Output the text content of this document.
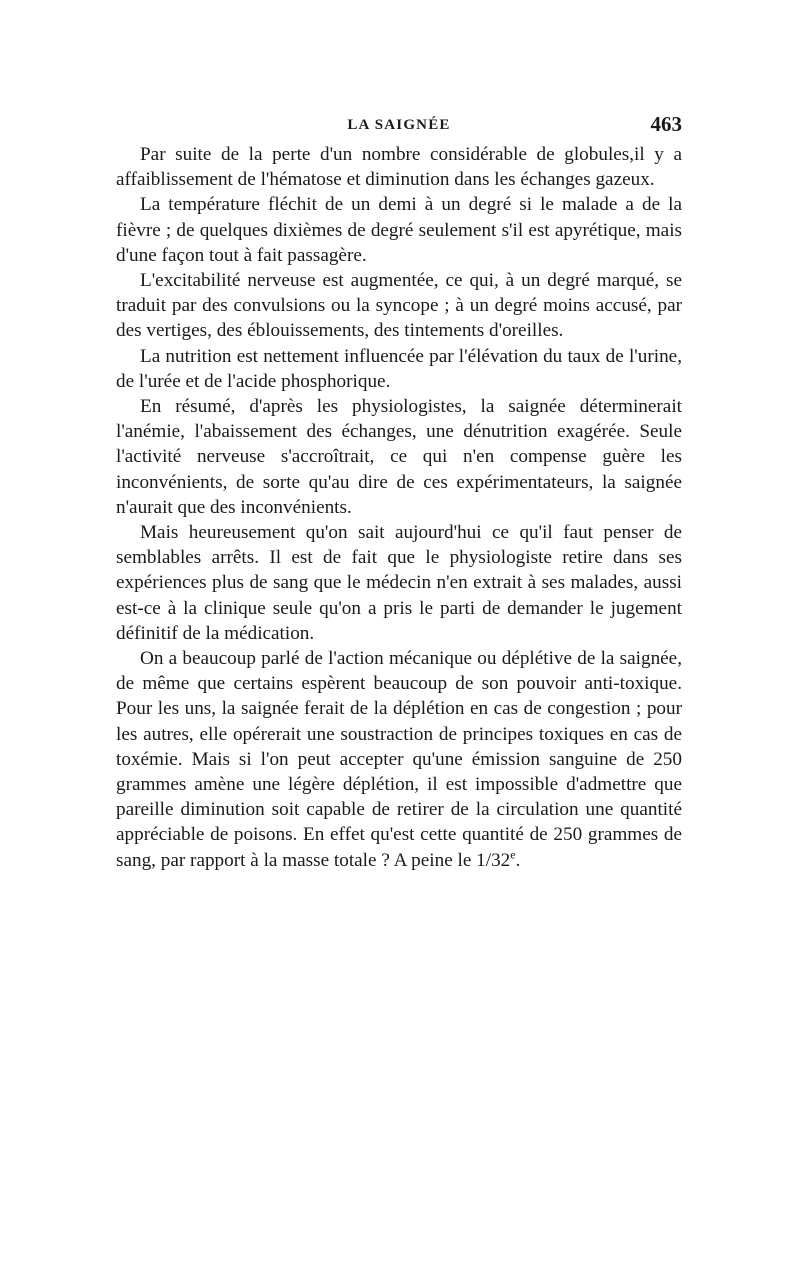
LA SAIGNÉE	463

Par suite de la perte d'un nombre considérable de globules,il y a affaiblissement de l'hématose et diminution dans les échanges gazeux.

La température fléchit de un demi à un degré si le malade a de la fièvre ; de quelques dixièmes de degré seulement s'il est apyrétique, mais d'une façon tout à fait passagère.

L'excitabilité nerveuse est augmentée, ce qui, à un degré marqué, se traduit par des convulsions ou la syncope ; à un degré moins accusé, par des vertiges, des éblouissements, des tintements d'oreilles.

La nutrition est nettement influencée par l'élévation du taux de l'urine, de l'urée et de l'acide phosphorique.

En résumé, d'après les physiologistes, la saignée déterminerait l'anémie, l'abaissement des échanges, une dénutrition exagérée. Seule l'activité nerveuse s'accroîtrait, ce qui n'en compense guère les inconvénients, de sorte qu'au dire de ces expérimentateurs, la saignée n'aurait que des inconvénients.

Mais heureusement qu'on sait aujourd'hui ce qu'il faut penser de semblables arrêts. Il est de fait que le physiologiste retire dans ses expériences plus de sang que le médecin n'en extrait à ses malades, aussi est-ce à la clinique seule qu'on a pris le parti de demander le jugement définitif de la médication.

On a beaucoup parlé de l'action mécanique ou déplétive de la saignée, de même que certains espèrent beaucoup de son pouvoir anti-toxique. Pour les uns, la saignée ferait de la déplétion en cas de congestion ; pour les autres, elle opérerait une soustraction de principes toxiques en cas de toxémie. Mais si l'on peut accepter qu'une émission sanguine de 250 grammes amène une légère déplétion, il est impossible d'admettre que pareille diminution soit capable de retirer de la circulation une quantité appréciable de poisons. En effet qu'est cette quantité de 250 grammes de sang, par rapport à la masse totale ? A peine le 1/32e.
